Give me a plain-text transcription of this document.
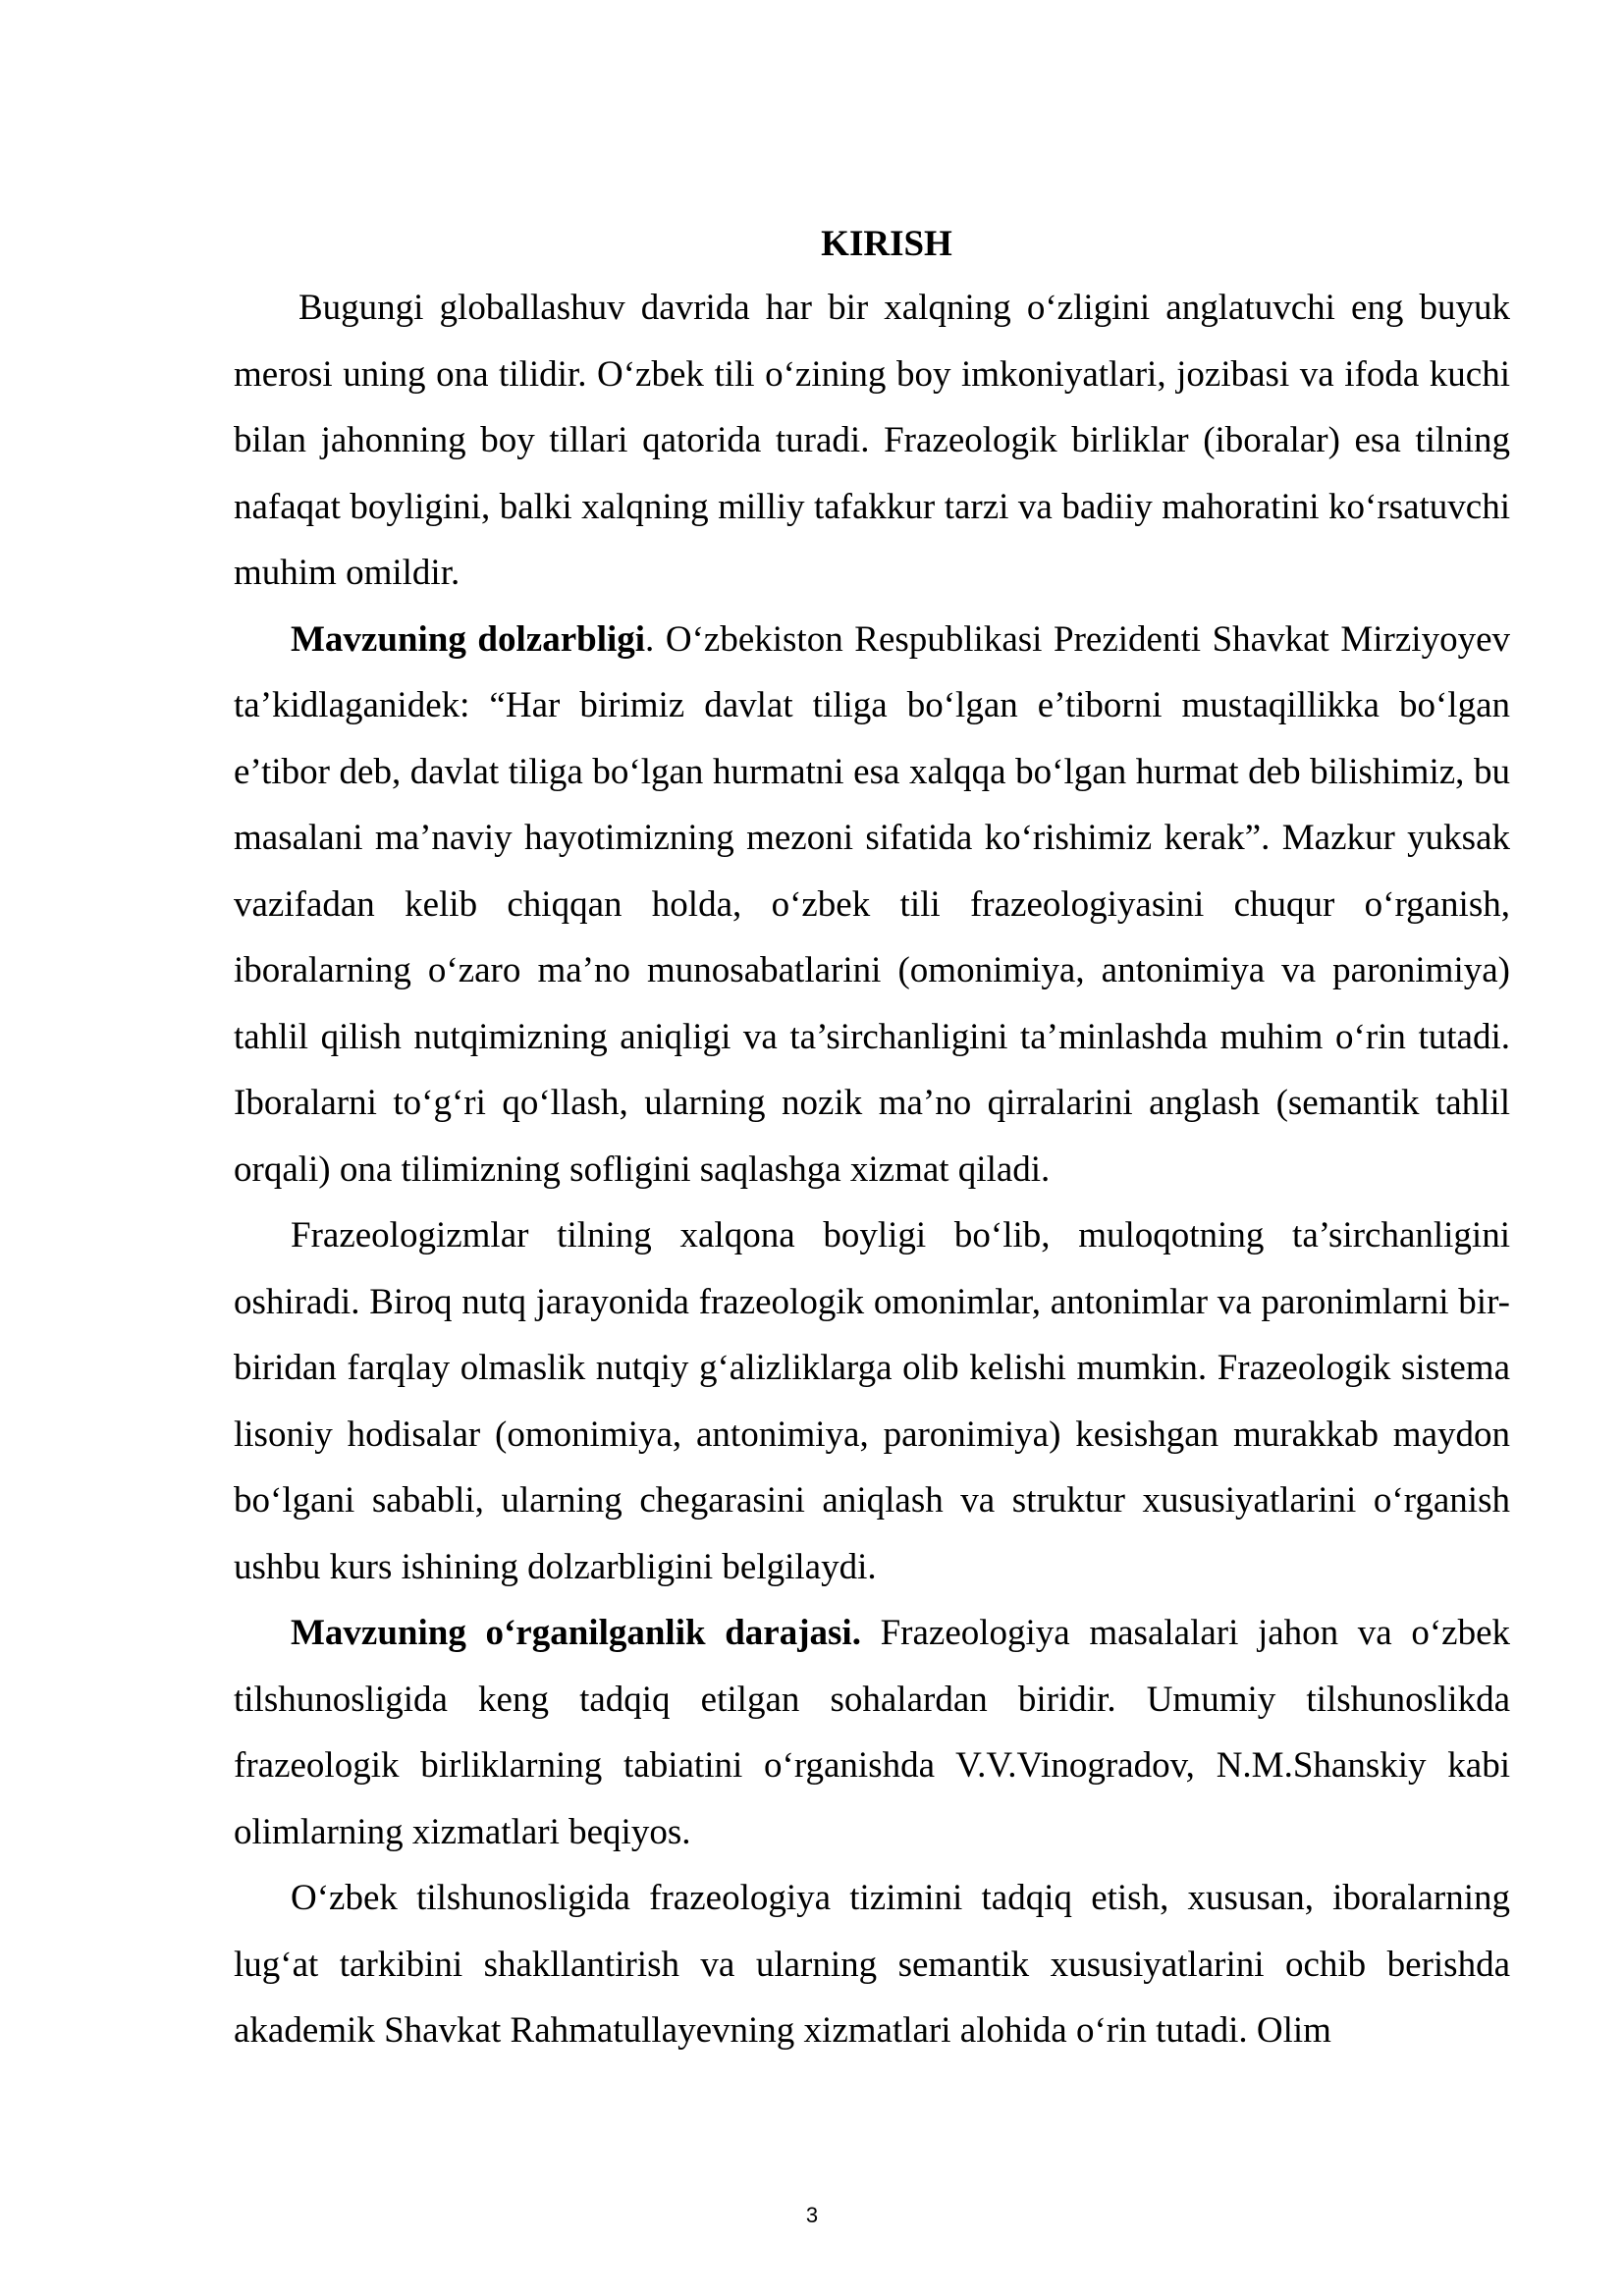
KIRISH

Bugungi globallashuv davrida har bir xalqning o‘zligini anglatuvchi eng buyuk merosi uning ona tilidir. O‘zbek tili o‘zining boy imkoniyatlari, jozibasi va ifoda kuchi bilan jahonning boy tillari qatorida turadi. Frazeologik birliklar (iboralar) esa tilning nafaqat boyligini, balki xalqning milliy tafakkur tarzi va badiiy mahoratini ko‘rsatuvchi muhim omildir.

Mavzuning dolzarbligi. O‘zbekiston Respublikasi Prezidenti Shavkat Mirziyoyev ta’kidlaganidek: “Har birimiz davlat tiliga bo‘lgan e’tiborni mustaqillikka bo‘lgan e’tibor deb, davlat tiliga bo‘lgan hurmatni esa xalqqa bo‘lgan hurmat deb bilishimiz, bu masalani ma’naviy hayotimizning mezoni sifatida ko‘rishimiz kerak”. Mazkur yuksak vazifadan kelib chiqqan holda, o‘zbek tili frazeologiyasini chuqur o‘rganish, iboralarning o‘zaro ma’no munosabatlarini (omonimiya, antonimiya va paronimiya) tahlil qilish nutqimizning aniqligi va ta’sirchanligini ta’minlashda muhim o‘rin tutadi. Iboralarni to‘g‘ri qo‘llash, ularning nozik ma’no qirralarini anglash (semantik tahlil orqali) ona tilimizning sofligini saqlashga xizmat qiladi.

Frazeologizmlar tilning xalqona boyligi bo‘lib, muloqotning ta’sirchanligini oshiradi. Biroq nutq jarayonida frazeologik omonimlar, antonimlar va paronimlarni bir-biridan farqlay olmaslik nutqiy g‘alizliklarga olib kelishi mumkin. Frazeologik sistema lisoniy hodisalar (omonimiya, antonimiya, paronimiya) kesishgan murakkab maydon bo‘lgani sababli, ularning chegarasini aniqlash va struktur xususiyatlarini o‘rganish ushbu kurs ishining dolzarbligini belgilaydi.

Mavzuning o‘rganilganlik darajasi. Frazeologiya masalalari jahon va o‘zbek tilshunosligida keng tadqiq etilgan sohalardan biridir. Umumiy tilshunoslikda frazeologik birliklarning tabiatini o‘rganishda V.V.Vinogradov, N.M.Shanskiy kabi olimlarning xizmatlari beqiyos.

O‘zbek tilshunosligida frazeologiya tizimini tadqiq etish, xususan, iboralarning lug‘at tarkibini shakllantirish va ularning semantik xususiyatlarini ochib berishda akademik Shavkat Rahmatullayevning xizmatlari alohida o‘rin tutadi. Olim

3
